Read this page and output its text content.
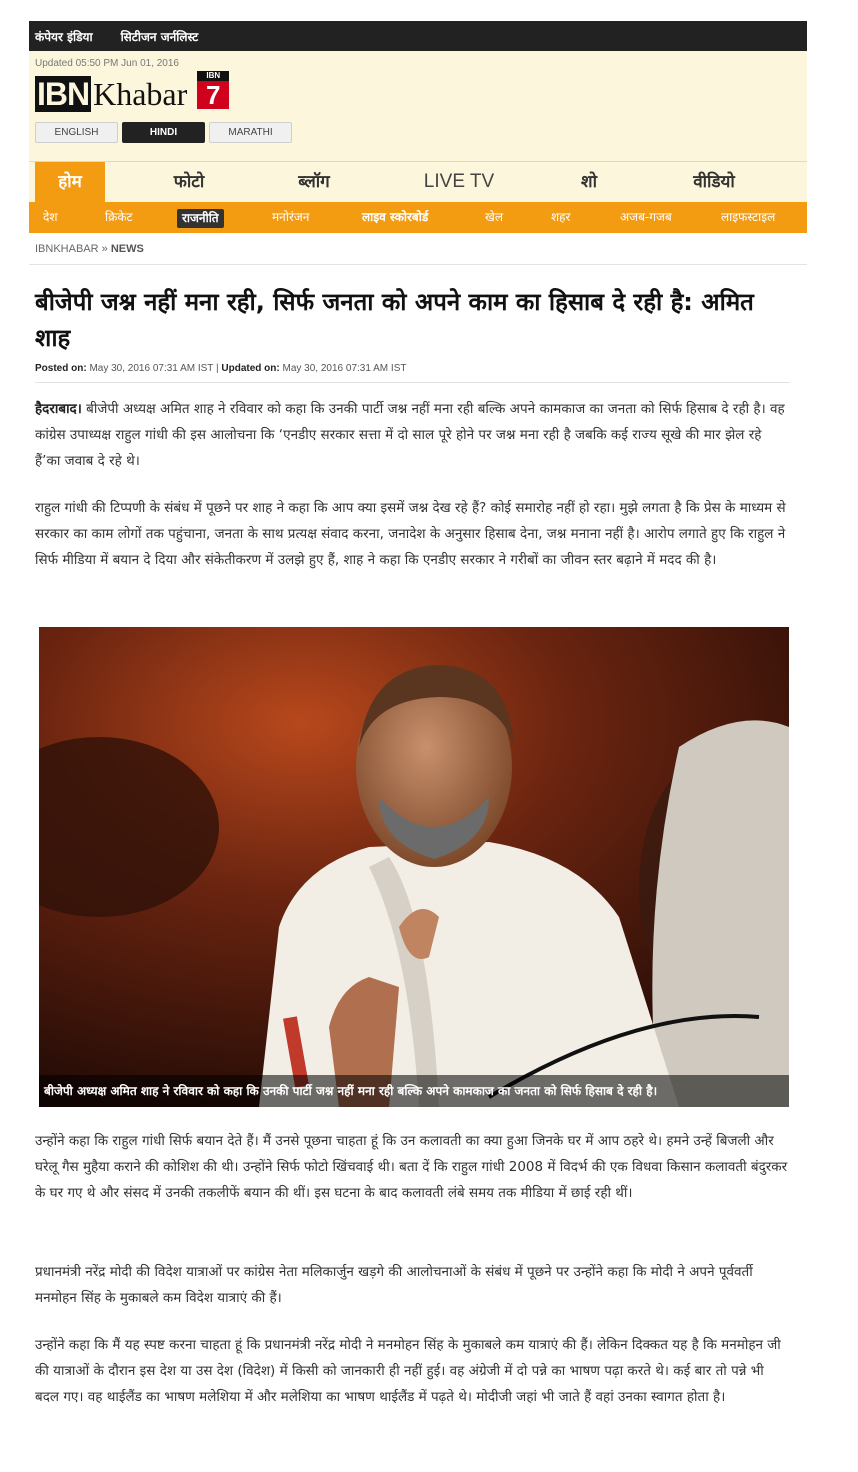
कंपेयर इंडिया सिटीजन जर्नलिस्ट
Updated 05:50 PM Jun 01, 2016
IBN Khabar
IBN
7
होम	फोटो	ब्लॉग	LIVE TV	शो	वीडियो
देश	क्रिकेट	राजनीति	मनोरंजन	लाइव स्कोरबोर्ड	खेल	शहर	अजब-गजब	लाइफस्टाइल
ENGLISH	HINDI	MARATHI
IBNKHABAR » NEWS
बीजेपी जश्न नहीं मना रही, सिर्फ जनता को अपने काम का हिसाब दे रही है: अमित शाह
Posted on: May 30, 2016 07:31 AM IST | Updated on: May 30, 2016 07:31 AM IST

हैदराबाद। बीजेपी अध्यक्ष अमित शाह ने रविवार को कहा कि उनकी पार्टी जश्न नहीं मना रही बल्कि अपने कामकाज का जनता को सिर्फ हिसाब दे रही है। वह कांग्रेस उपाध्यक्ष राहुल गांधी की इस आलोचना कि ‘एनडीए सरकार सत्ता में दो साल पूरे होने पर जश्न मना रही है जबकि कई राज्य सूखे की मार झेल रहे हैं’का जवाब दे रहे थे।

राहुल गांधी की टिप्पणी के संबंध में पूछने पर शाह ने कहा कि आप क्या इसमें जश्न देख रहे हैं? कोई समारोह नहीं हो रहा। मुझे लगता है कि प्रेस के माध्यम से सरकार का काम लोगों तक पहुंचाना, जनता के साथ प्रत्यक्ष संवाद करना, जनादेश के अनुसार हिसाब देना, जश्न मनाना नहीं है। आरोप लगाते हुए कि राहुल ने सिर्फ मीडिया में बयान दे दिया और संकेतीकरण में उलझे हुए हैं, शाह ने कहा कि एनडीए सरकार ने गरीबों का जीवन स्तर बढ़ाने में मदद की है।

बीजेपी अध्यक्ष अमित शाह ने रविवार को कहा कि उनकी पार्टी जश्न नहीं मना रही बल्कि अपने कामकाज का जनता को सिर्फ हिसाब दे रही है।

उन्होंने कहा कि राहुल गांधी सिर्फ बयान देते हैं। मैं उनसे पूछना चाहता हूं कि उन कलावती का क्या हुआ जिनके घर में आप ठहरे थे। हमने उन्हें बिजली और घरेलू गैस मुहैया कराने की कोशिश की थी। उन्होंने सिर्फ फोटो खिंचवाई थी। बता दें कि राहुल गांधी 2008 में विदर्भ की एक विधवा किसान कलावती बंदुरकर के घर गए थे और संसद में उनकी तकलीफें बयान की थीं। इस घटना के बाद कलावती लंबे समय तक मीडिया में छाई रही थीं।

प्रधानमंत्री नरेंद्र मोदी की विदेश यात्राओं पर कांग्रेस नेता मलिकार्जुन खड़गे की आलोचनाओं के संबंध में पूछने पर उन्होंने कहा कि मोदी ने अपने पूर्ववर्ती मनमोहन सिंह के मुकाबले कम विदेश यात्राएं की हैं।

उन्होंने कहा कि मैं यह स्पष्ट करना चाहता हूं कि प्रधानमंत्री नरेंद्र मोदी ने मनमोहन सिंह के मुकाबले कम यात्राएं की हैं। लेकिन दिक्कत यह है कि मनमोहन जी की यात्राओं के दौरान इस देश या उस देश (विदेश) में किसी को जानकारी ही नहीं हुई। वह अंग्रेजी में दो पन्ने का भाषण पढ़ा करते थे। कई बार तो पन्ने भी बदल गए। वह थाईलैंड का भाषण मलेशिया में और मलेशिया का भाषण थाईलैंड में पढ़ते थे। मोदीजी जहां भी जाते हैं वहां उनका स्वागत होता है।
